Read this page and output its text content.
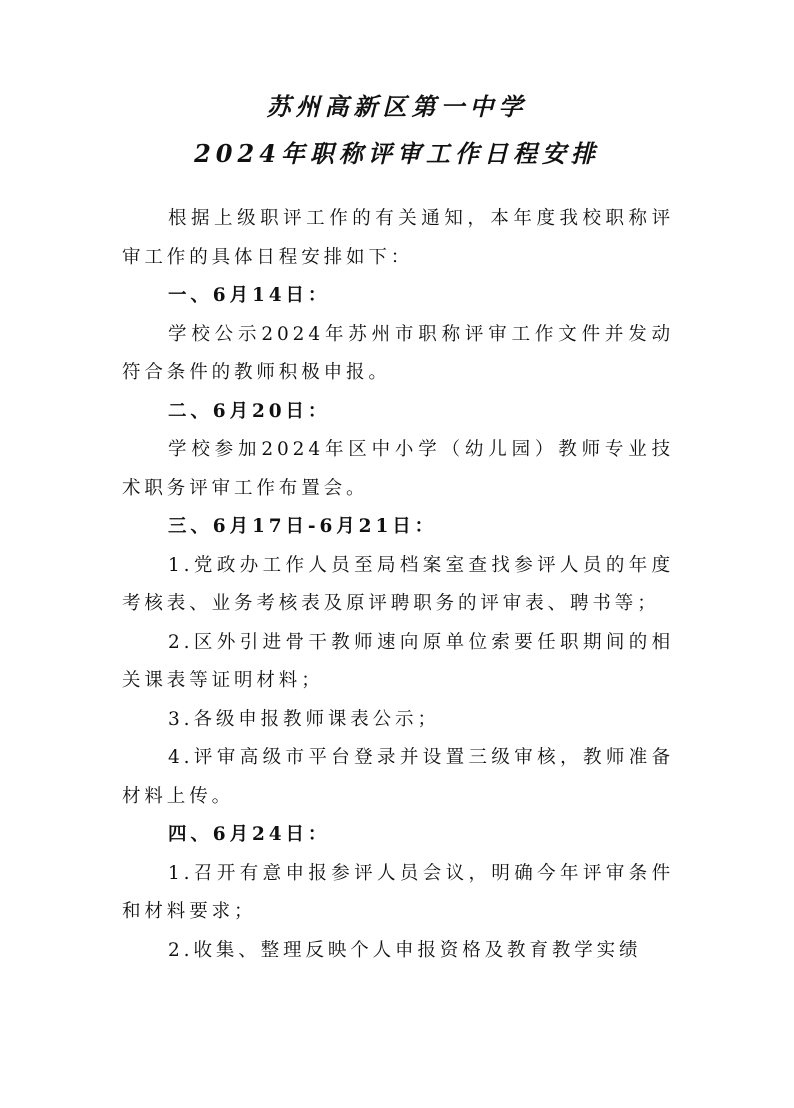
苏州高新区第一中学
2024年职称评审工作日程安排

根据上级职评工作的有关通知，本年度我校职称评审工作的具体日程安排如下：

一、6月14日：

学校公示2024年苏州市职称评审工作文件并发动符合条件的教师积极申报。

二、6月20日：

学校参加2024年区中小学（幼儿园）教师专业技术职务评审工作布置会。

三、6月17日-6月21日：

1.党政办工作人员至局档案室查找参评人员的年度考核表、业务考核表及原评聘职务的评审表、聘书等；

2.区外引进骨干教师速向原单位索要任职期间的相关课表等证明材料；

3.各级申报教师课表公示；

4.评审高级市平台登录并设置三级审核，教师准备材料上传。

四、6月24日：

1.召开有意申报参评人员会议，明确今年评审条件和材料要求；

2.收集、整理反映个人申报资格及教育教学实绩
